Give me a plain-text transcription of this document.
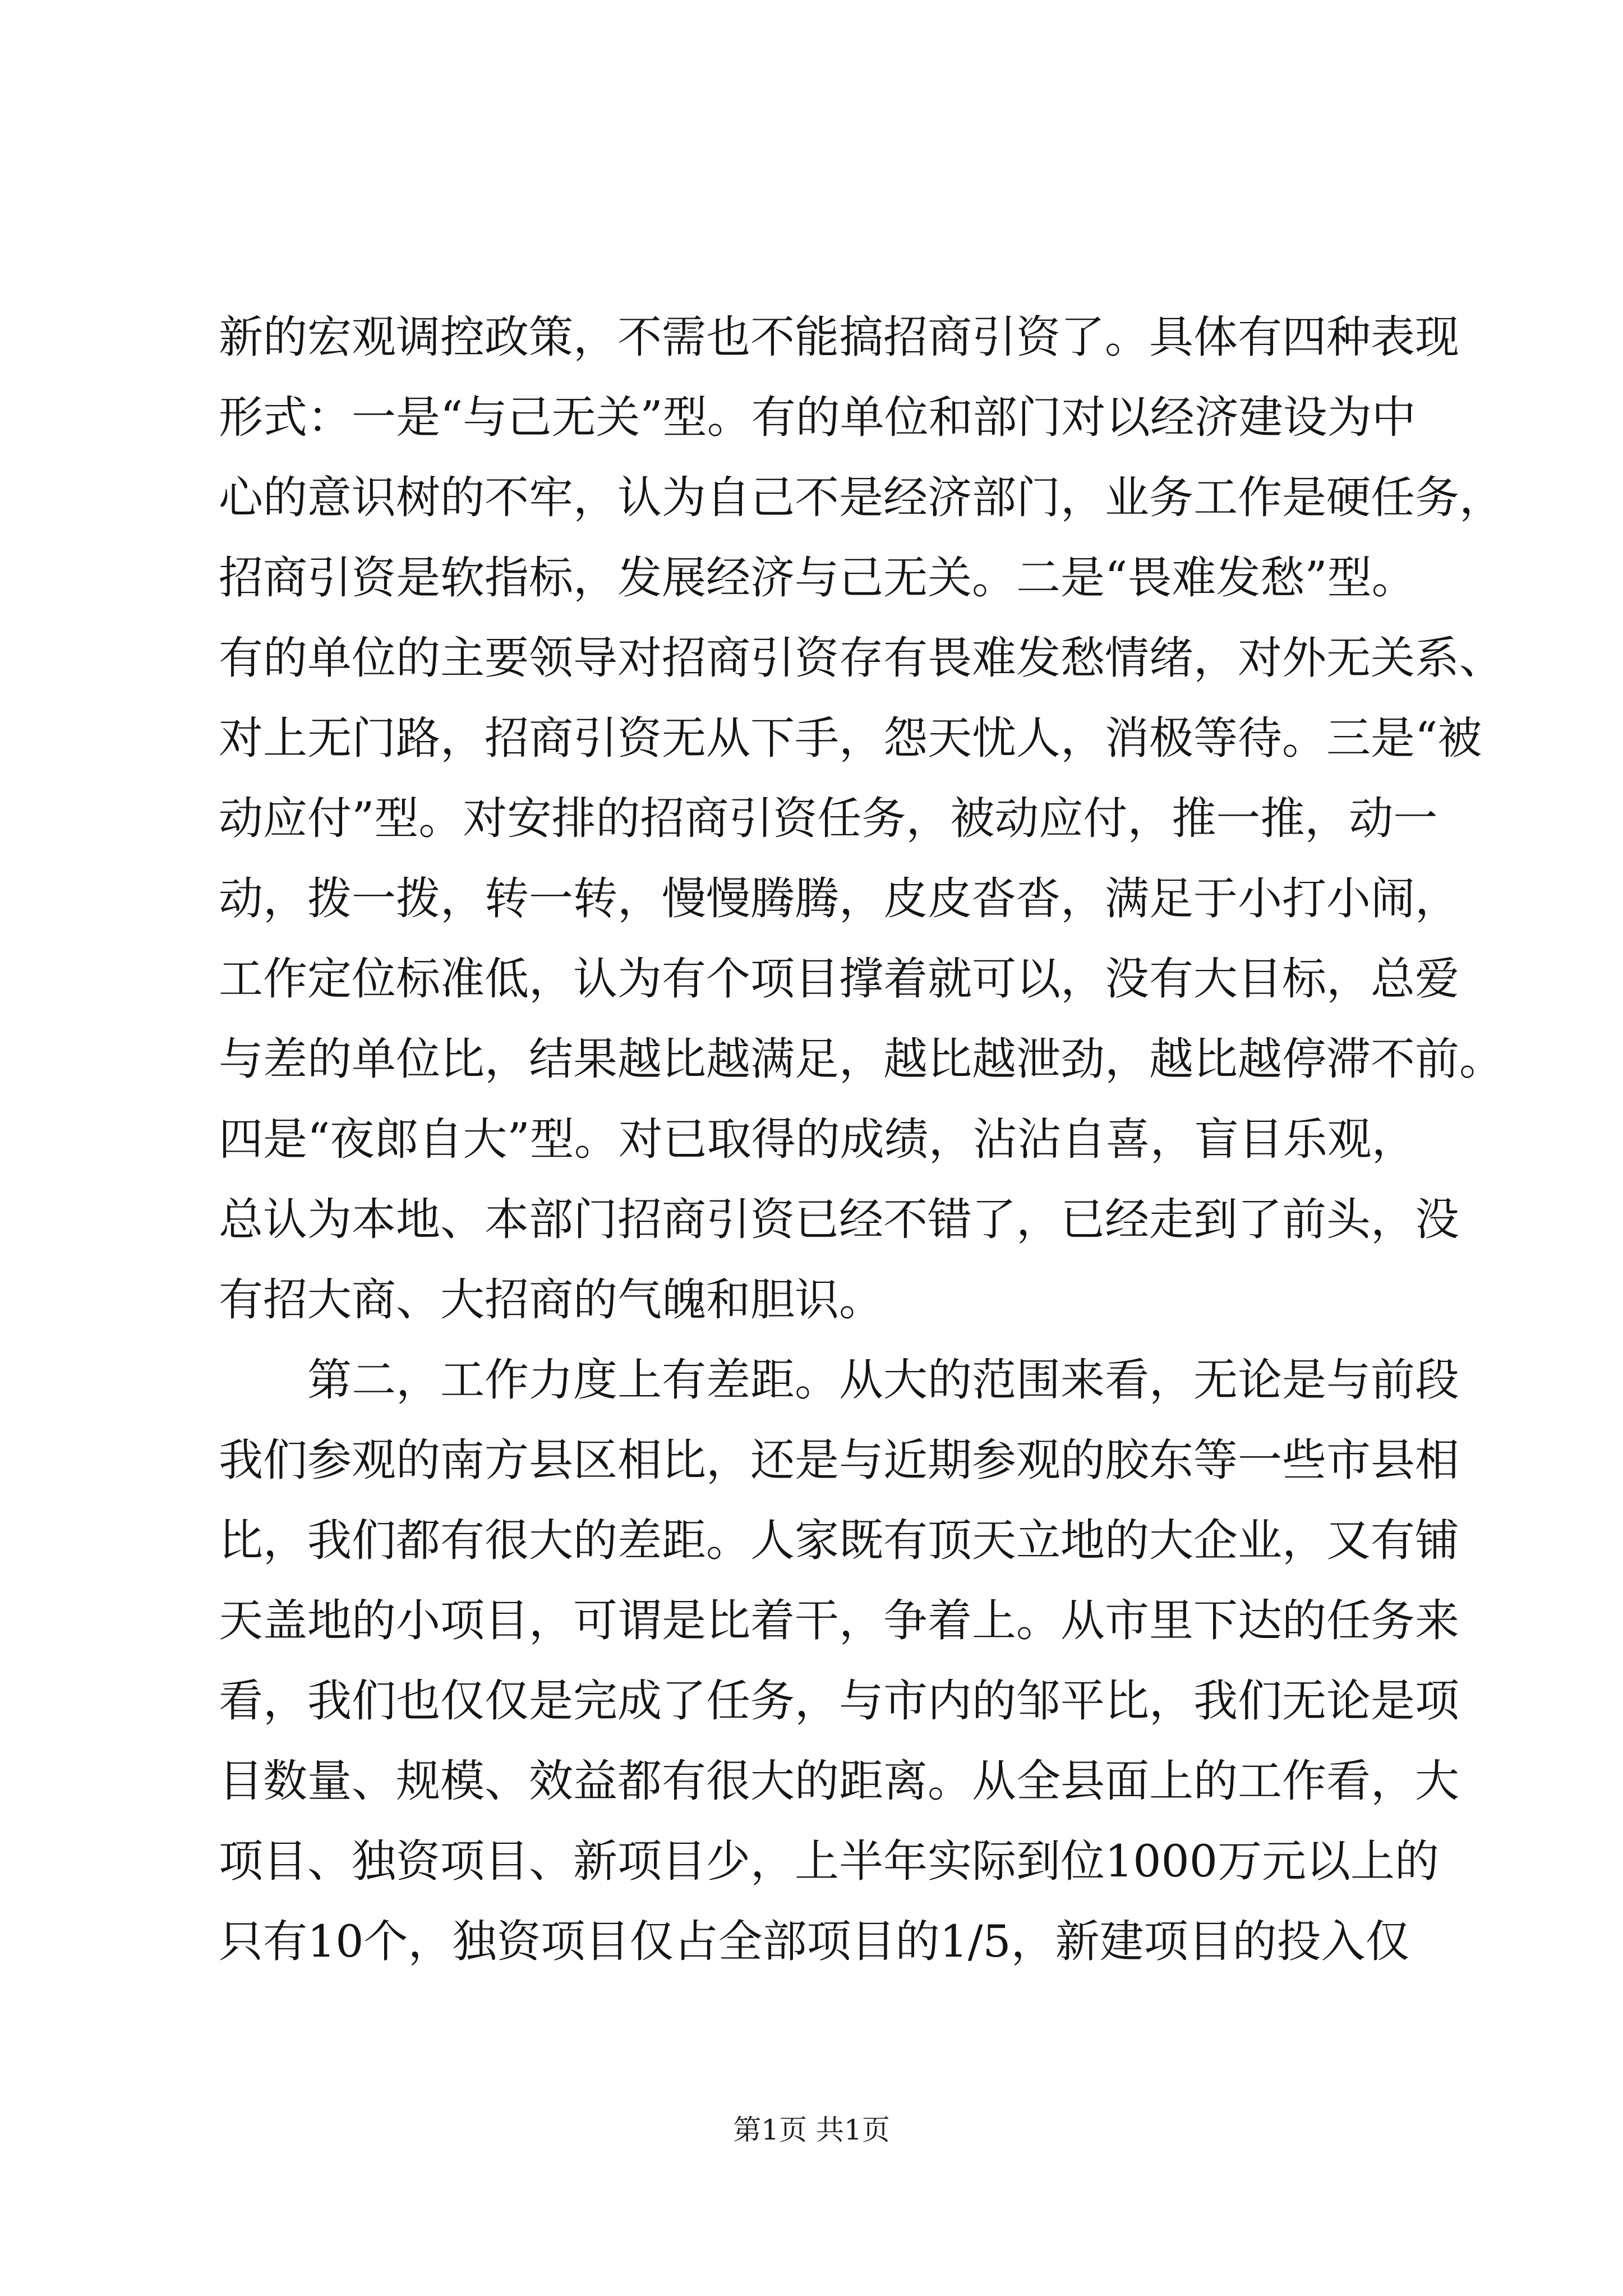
新的宏观调控政策，不需也不能搞招商引资了。具体有四种表现
形式：一是“与己无关”型。有的单位和部门对以经济建设为中
心的意识树的不牢，认为自己不是经济部门，业务工作是硬任务，
招商引资是软指标，发展经济与己无关。二是“畏难发愁”型。
有的单位的主要领导对招商引资存有畏难发愁情绪，对外无关系、
对上无门路，招商引资无从下手，怨天忧人，消极等待。三是“被
动应付”型。对安排的招商引资任务，被动应付，推一推，动一
动，拨一拨，转一转，慢慢腾腾，皮皮沓沓，满足于小打小闹，
工作定位标准低，认为有个项目撑着就可以，没有大目标，总爱
与差的单位比，结果越比越满足，越比越泄劲，越比越停滞不前。
四是“夜郎自大”型。对已取得的成绩，沾沾自喜，盲目乐观，
总认为本地、本部门招商引资已经不错了，已经走到了前头，没
有招大商、大招商的气魄和胆识。
第二，工作力度上有差距。从大的范围来看，无论是与前段
我们参观的南方县区相比，还是与近期参观的胶东等一些市县相
比，我们都有很大的差距。人家既有顶天立地的大企业，又有铺
天盖地的小项目，可谓是比着干，争着上。从市里下达的任务来
看，我们也仅仅是完成了任务，与市内的邹平比，我们无论是项
目数量、规模、效益都有很大的距离。从全县面上的工作看，大
项目、独资项目、新项目少，上半年实际到位1000万元以上的
只有10个，独资项目仅占全部项目的1/5，新建项目的投入仅
第1页 共1页
